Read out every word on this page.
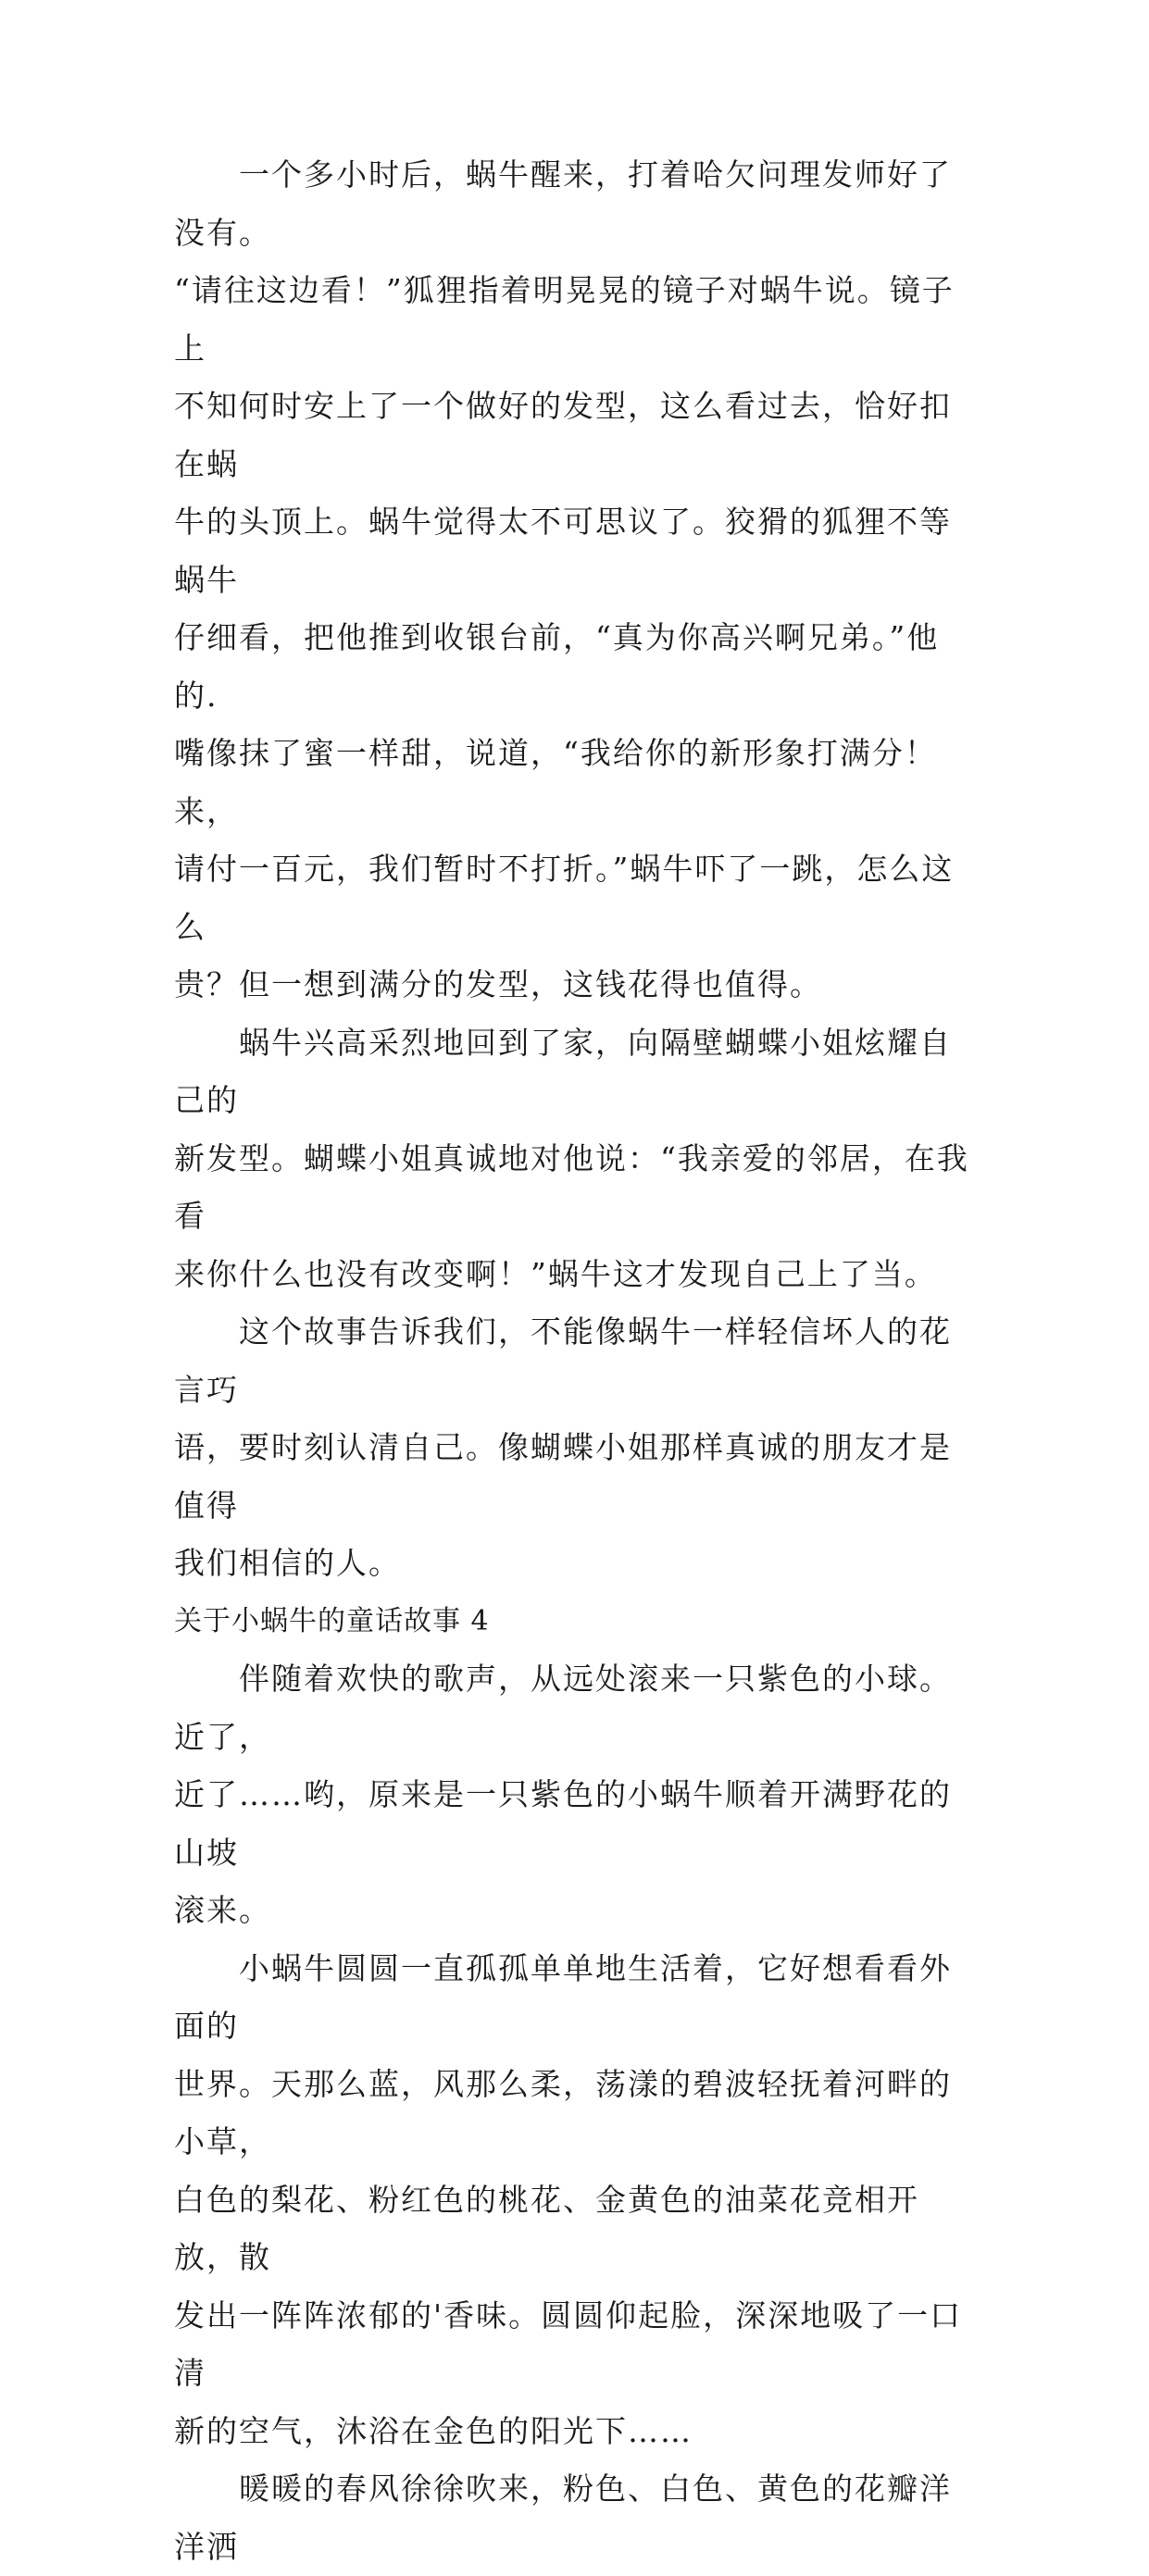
　　一个多小时后，蜗牛醒来，打着哈欠问理发师好了没有。
“请往这边看！”狐狸指着明晃晃的镜子对蜗牛说。镜子上
不知何时安上了一个做好的发型，这么看过去，恰好扣在蜗
牛的头顶上。蜗牛觉得太不可思议了。狡猾的狐狸不等蜗牛
仔细看，把他推到收银台前，“真为你高兴啊兄弟。”他的.
嘴像抹了蜜一样甜，说道，“我给你的新形象打满分！来，
请付一百元，我们暂时不打折。”蜗牛吓了一跳，怎么这么
贵？但一想到满分的发型，这钱花得也值得。
　　蜗牛兴高采烈地回到了家，向隔壁蝴蝶小姐炫耀自己的
新发型。蝴蝶小姐真诚地对他说：“我亲爱的邻居，在我看
来你什么也没有改变啊！”蜗牛这才发现自己上了当。
　　这个故事告诉我们，不能像蜗牛一样轻信坏人的花言巧
语，要时刻认清自己。像蝴蝶小姐那样真诚的朋友才是值得
我们相信的人。
关于小蜗牛的童话故事 4
　　伴随着欢快的歌声，从远处滚来一只紫色的小球。近了，
近了……哟，原来是一只紫色的小蜗牛顺着开满野花的山坡
滚来。
　　小蜗牛圆圆一直孤孤单单地生活着，它好想看看外面的
世界。天那么蓝，风那么柔，荡漾的碧波轻抚着河畔的小草，
白色的梨花、粉红色的桃花、金黄色的油菜花竞相开放，散
发出一阵阵浓郁的'香味。圆圆仰起脸，深深地吸了一口清
新的空气，沐浴在金色的阳光下……
　　暖暖的春风徐徐吹来，粉色、白色、黄色的花瓣洋洋洒
